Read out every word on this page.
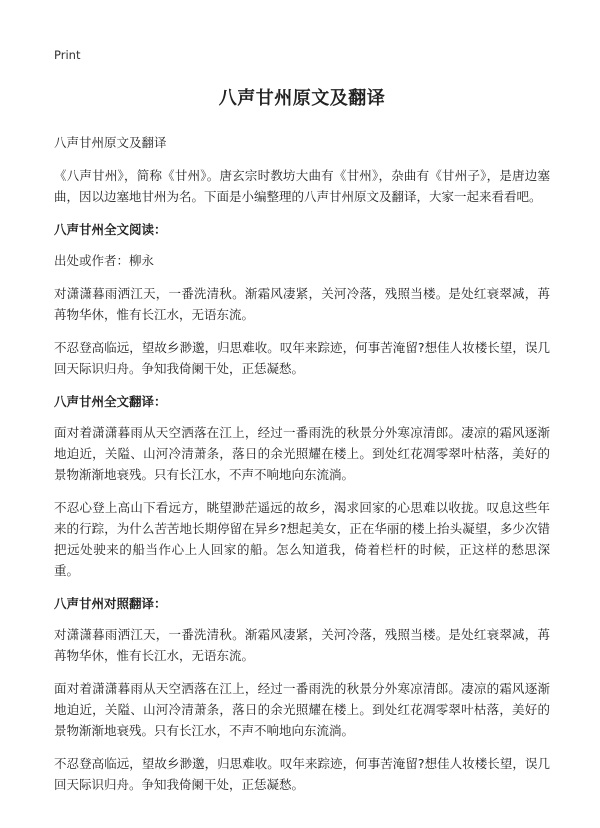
Print
八声甘州原文及翻译

八声甘州原文及翻译

《八声甘州》，简称《甘州》。唐玄宗时教坊大曲有《甘州》，杂曲有《甘州子》，是唐边塞曲，因以边塞地甘州为名。下面是小编整理的八声甘州原文及翻译，大家一起来看看吧。

八声甘州全文阅读：

出处或作者：柳永

对潇潇暮雨洒江天，一番洗清秋。渐霜风凄紧，关河冷落，残照当楼。是处红衰翠减，苒苒物华休，惟有长江水，无语东流。

不忍登高临远，望故乡渺邈，归思难收。叹年来踪迹，何事苦淹留?想佳人妆楼长望，误几回天际识归舟。争知我倚阑干处，正恁凝愁。

八声甘州全文翻译：

面对着潇潇暮雨从天空洒落在江上，经过一番雨洗的秋景分外寒凉清郎。凄凉的霜风逐渐地迫近，关隘、山河冷清萧条，落日的余光照耀在楼上。到处红花凋零翠叶枯落，美好的景物渐渐地衰残。只有长江水，不声不响地向东流淌。

不忍心登上高山下看远方，眺望渺茫遥远的故乡，渴求回家的心思难以收拢。叹息这些年来的行踪，为什么苦苦地长期停留在异乡?想起美女，正在华丽的楼上抬头凝望，多少次错把远处驶来的船当作心上人回家的船。怎么知道我，倚着栏杆的时候，正这样的愁思深重。

八声甘州对照翻译：

对潇潇暮雨洒江天，一番洗清秋。渐霜风凄紧，关河冷落，残照当楼。是处红衰翠减，苒苒物华休，惟有长江水，无语东流。

面对着潇潇暮雨从天空洒落在江上，经过一番雨洗的秋景分外寒凉清郎。凄凉的霜风逐渐地迫近，关隘、山河冷清萧条，落日的余光照耀在楼上。到处红花凋零翠叶枯落，美好的景物渐渐地衰残。只有长江水，不声不响地向东流淌。

不忍登高临远，望故乡渺邈，归思难收。叹年来踪迹，何事苦淹留?想佳人妆楼长望，误几回天际识归舟。争知我倚阑干处，正恁凝愁。
